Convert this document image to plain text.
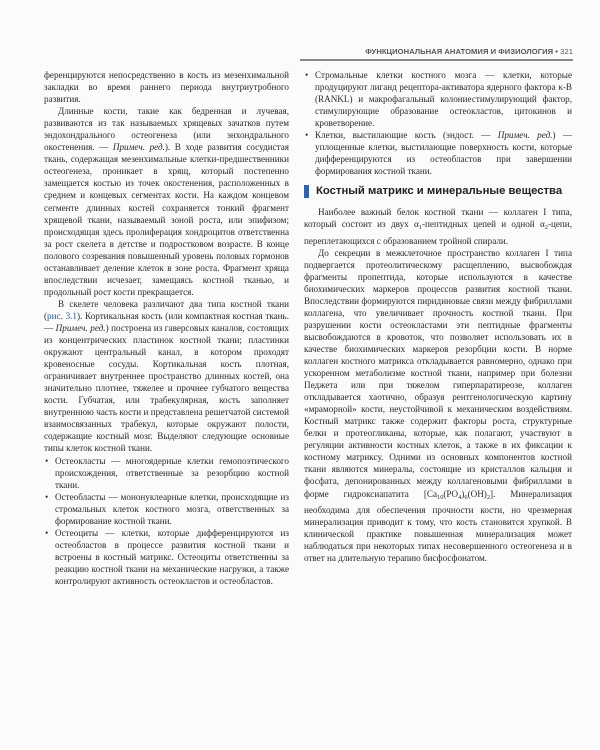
ФУНКЦИОНАЛЬНАЯ АНАТОМИЯ И ФИЗИОЛОГИЯ • 321

ференцируются непосредственно в кость из мезенхимальной закладки во время раннего периода внутриутробного развития.

Длинные кости, такие как бедренная и лучевая, развиваются из так называемых хрящевых зачатков путем эндохондрального остеогенеза (или энхондрального окостенения. — Примеч. ред.). В ходе развития сосудистая ткань, содержащая мезенхимальные клетки-предшественники остеогенеза, проникает в хрящ, который постепенно замещается костью из точек окостенения, расположенных в среднем и концевых сегментах кости. На каждом концевом сегменте длинных костей сохраняется тонкий фрагмент хрящевой ткани, называемый зоной роста, или эпифизом; происходящая здесь пролиферация хондроцитов ответственна за рост скелета в детстве и подростковом возрасте. В конце полового созревания повышенный уровень половых гормонов останавливает деление клеток в зоне роста. Фрагмент хряща впоследствии исчезает, замещаясь костной тканью, и продольный рост кости прекращается.

В скелете человека различают два типа костной ткани (рис. 3.1). Кортикальная кость (или компактная костная ткань. — Примеч. ред.) построена из гаверсовых каналов, состоящих из концентрических пластинок костной ткани; пластинки окружают центральный канал, в котором проходят кровеносные сосуды. Кортикальная кость плотная, ограничивает внутреннее пространство длинных костей, она значительно плотнее, тяжелее и прочнее губчатого вещества кости. Губчатая, или трабекулярная, кость заполняет внутреннюю часть кости и представлена решетчатой системой взаимосвязанных трабекул, которые окружают полости, содержащие костный мозг. Выделяют следующие основные типы клеток костной ткани.

• Остеокласты — многоядерные клетки гемопоэтического происхождения, ответственные за резорбцию костной ткани.
• Остеобласты — мононуклеарные клетки, происходящие из стромальных клеток костного мозга, ответственных за формирование костной ткани.
• Остеоциты — клетки, которые дифференцируются из остеобластов в процессе развития костной ткани и встроены в костный матрикс. Остеоциты ответственны за реакцию костной ткани на механические нагрузки, а также контролируют активность остеокластов и остеобластов.
• Стромальные клетки костного мозга — клетки, которые продуцируют лиганд рецептора-активатора ядерного фактора κ-B (RANKL) и макрофагальный колониестимулирующий фактор, стимулирующие образование остеокластов, цитокинов и кроветворение.
• Клетки, выстилающие кость (эндост. — Примеч. ред.) — уплощенные клетки, выстилающие поверхность кости, которые дифференцируются из остеобластов при завершении формирования костной ткани.
Костный матрикс и минеральные вещества

Наиболее важный белок костной ткани — коллаген I типа, который состоит из двух $\alpha_1$-пептидных цепей и одной $\alpha_2$-цепи, переплетающихся с образованием тройной спирали.

До секреции в межклеточное пространство коллаген I типа подвергается протеолитическому расщеплению, высвобождая фрагменты пропептида, которые используются в качестве биохимических маркеров процессов развития костной ткани. Впоследствии формируются пиридиновые связи между фибриллами коллагена, что увеличивает прочность костной ткани. При разрушении кости остеокластами эти пептидные фрагменты высвобождаются в кровоток, что позволяет использовать их в качестве биохимических маркеров резорбции кости. В норме коллаген костного матрикса откладывается равномерно, однако при ускоренном метаболизме костной ткани, например при болезни Педжета или при тяжелом гиперпаратиреозе, коллаген откладывается хаотично, образуя рентгенологическую картину «мраморной» кости, неустойчивой к механическим воздействиям. Костный матрикс также содержит факторы роста, структурные белки и протеогликаны, которые, как полагают, участвуют в регуляции активности костных клеток, а также в их фиксации к костному матриксу. Одними из основных компонентов костной ткани являются минералы, состоящие из кристаллов кальция и фосфата, депонированных между коллагеновыми фибриллами в форме гидроксиапатита $[Ca_{10}(PO_4)_6(OH)_2]$. Минерализация необходима для обеспечения прочности кости, но чрезмерная минерализация приводит к тому, что кость становится хрупкой. В клинической практике повышенная минерализация может наблюдаться при некоторых типах несовершенного остеогенеза и в ответ на длительную терапию бисфосфонатом.
